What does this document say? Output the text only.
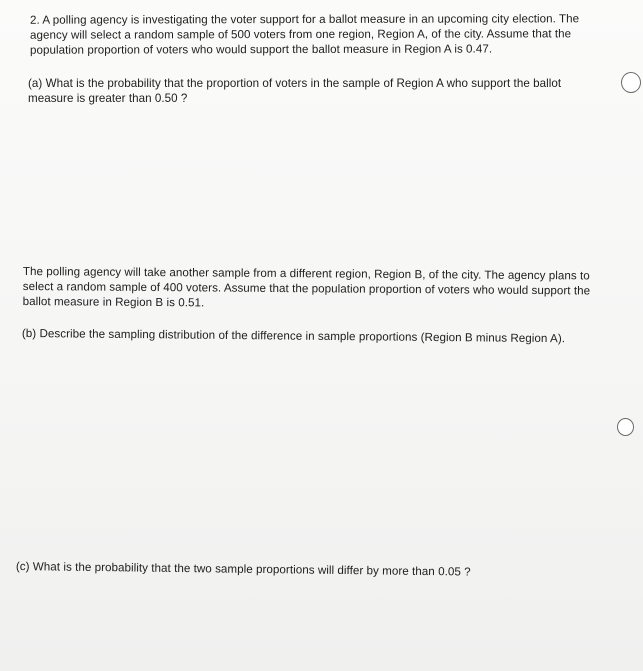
2. A polling agency is investigating the voter support for a ballot measure in an upcoming city election. The
agency will select a random sample of 500 voters from one region, Region A, of the city. Assume that the
population proportion of voters who would support the ballot measure in Region A is 0.47.

(a) What is the probability that the proportion of voters in the sample of Region A who support the ballot
measure is greater than 0.50 ?

The polling agency will take another sample from a different region, Region B, of the city. The agency plans to
select a random sample of 400 voters. Assume that the population proportion of voters who would support the
ballot measure in Region B is 0.51.

(b) Describe the sampling distribution of the difference in sample proportions (Region B minus Region A).

(c) What is the probability that the two sample proportions will differ by more than 0.05 ?
